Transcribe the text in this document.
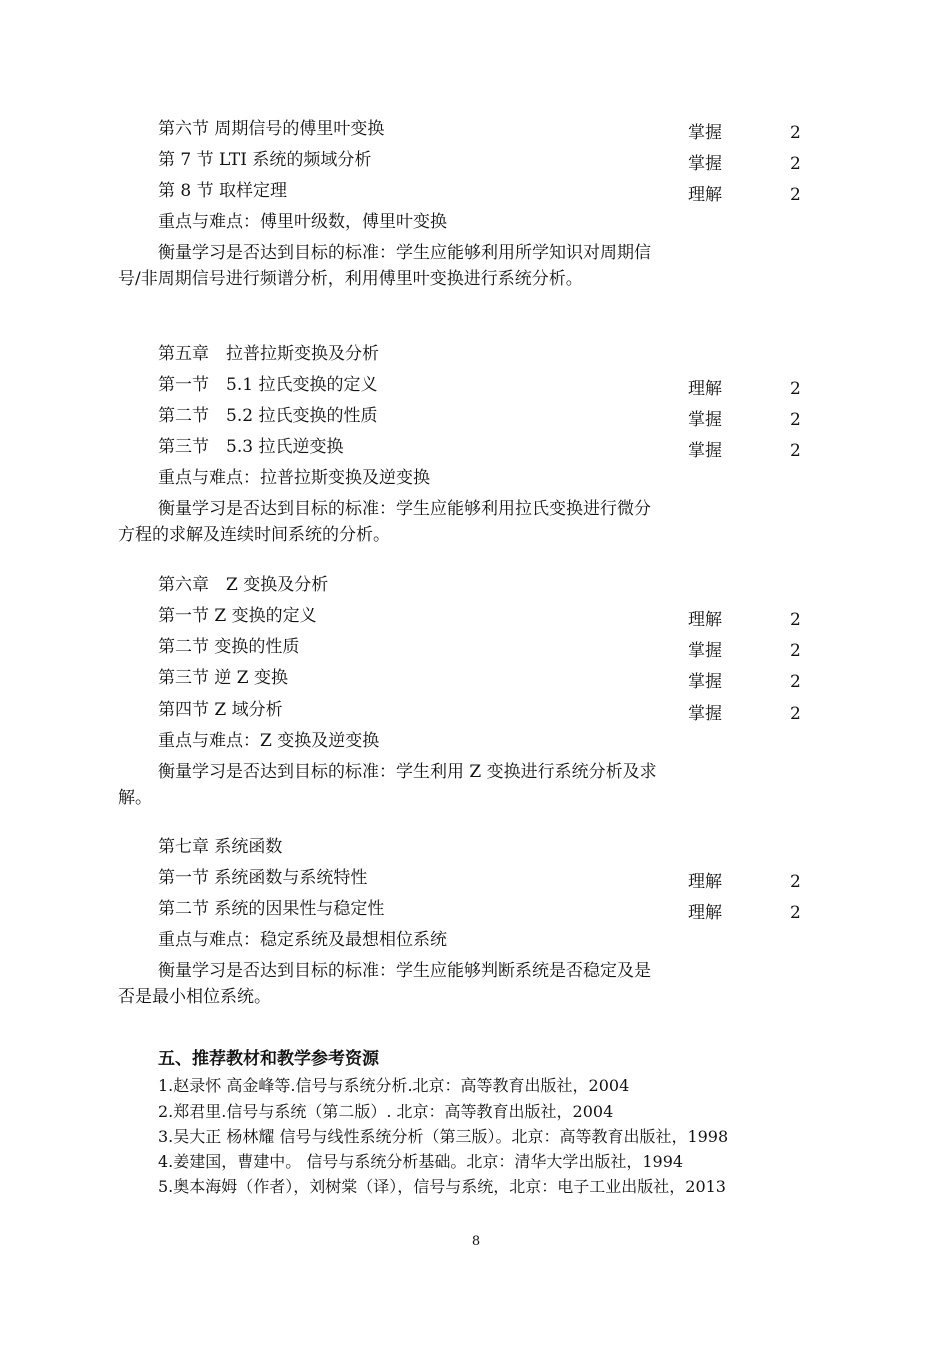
第六节 周期信号的傅里叶变换	掌握	2
第 7 节 LTI 系统的频域分析	掌握	2
第 8 节 取样定理	理解	2
重点与难点：傅里叶级数，傅里叶变换
衡量学习是否达到目标的标准：学生应能够利用所学知识对周期信号/非周期信号进行频谱分析，利用傅里叶变换进行系统分析。
第五章　拉普拉斯变换及分析
第一节　5.1 拉氏变换的定义	理解	2
第二节　5.2 拉氏变换的性质	掌握	2
第三节　5.3 拉氏逆变换	掌握	2
重点与难点：拉普拉斯变换及逆变换
衡量学习是否达到目标的标准：学生应能够利用拉氏变换进行微分方程的求解及连续时间系统的分析。
第六章　Z 变换及分析
第一节 Z 变换的定义	理解	2
第二节 变换的性质	掌握	2
第三节 逆 Z 变换	掌握	2
第四节 Z 域分析	掌握	2
重点与难点：Z 变换及逆变换
衡量学习是否达到目标的标准：学生利用 Z 变换进行系统分析及求解。
第七章 系统函数
第一节 系统函数与系统特性	理解	2
第二节 系统的因果性与稳定性	理解	2
重点与难点：稳定系统及最想相位系统
衡量学习是否达到目标的标准：学生应能够判断系统是否稳定及是否是最小相位系统。
五、推荐教材和教学参考资源
1.赵录怀 高金峰等.信号与系统分析.北京：高等教育出版社，2004
2.郑君里.信号与系统（第二版）. 北京：高等教育出版社，2004
3.吴大正 杨林耀 信号与线性系统分析（第三版）。北京：高等教育出版社，1998
4.姜建国，曹建中。 信号与系统分析基础。北京：清华大学出版社，1994
5.奥本海姆（作者），刘树棠（译），信号与系统，北京：电子工业出版社，2013
8
